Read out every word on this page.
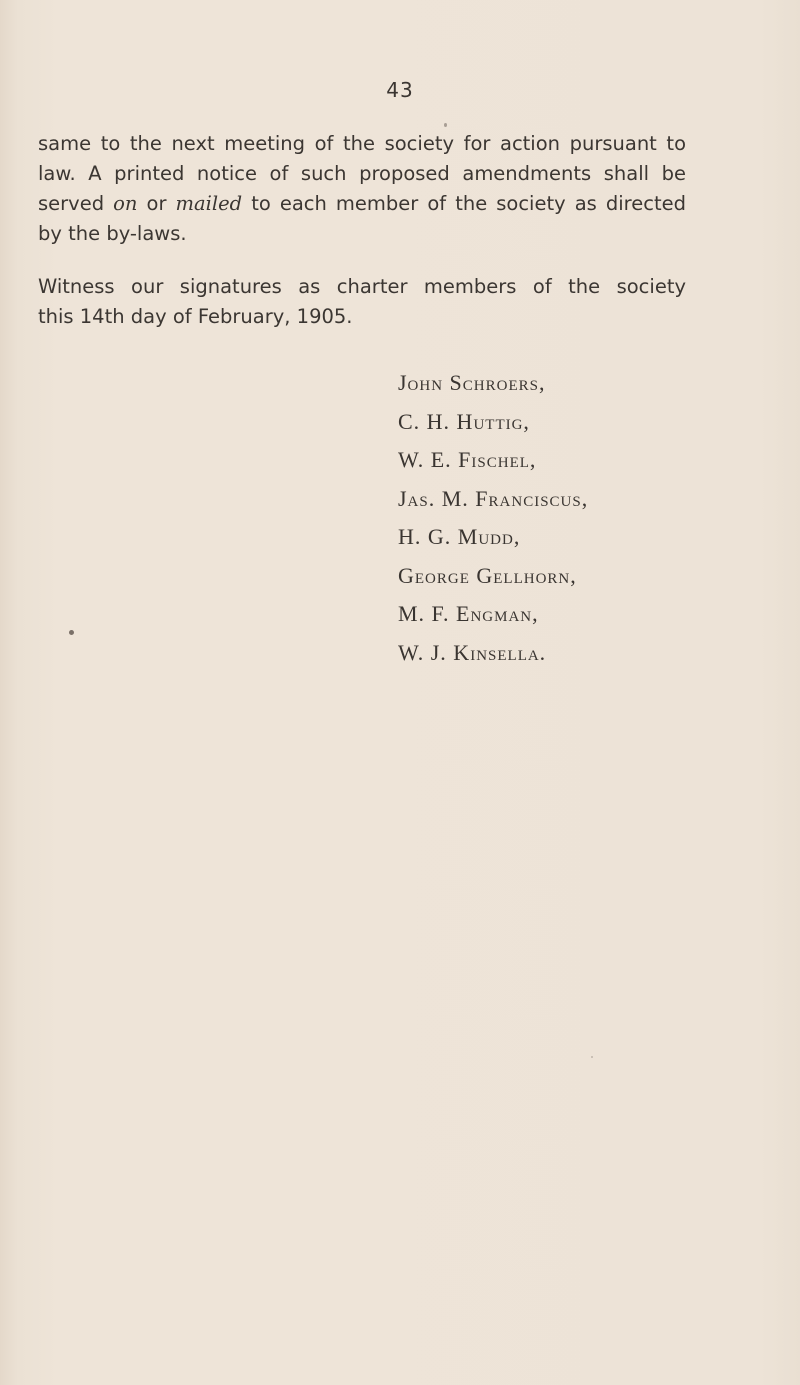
43
same to the next meeting of the society for action pursuant to
law. A printed notice of such proposed amendments shall be
served on or mailed to each member of the society as directed
by the by-laws.
Witness our signatures as charter members of the society
this 14th day of February, 1905.
John Schroers,
C. H. Huttig,
W. E. Fischel,
Jas. M. Franciscus,
H. G. Mudd,
George Gellhorn,
M. F. Engman,
W. J. Kinsella.
